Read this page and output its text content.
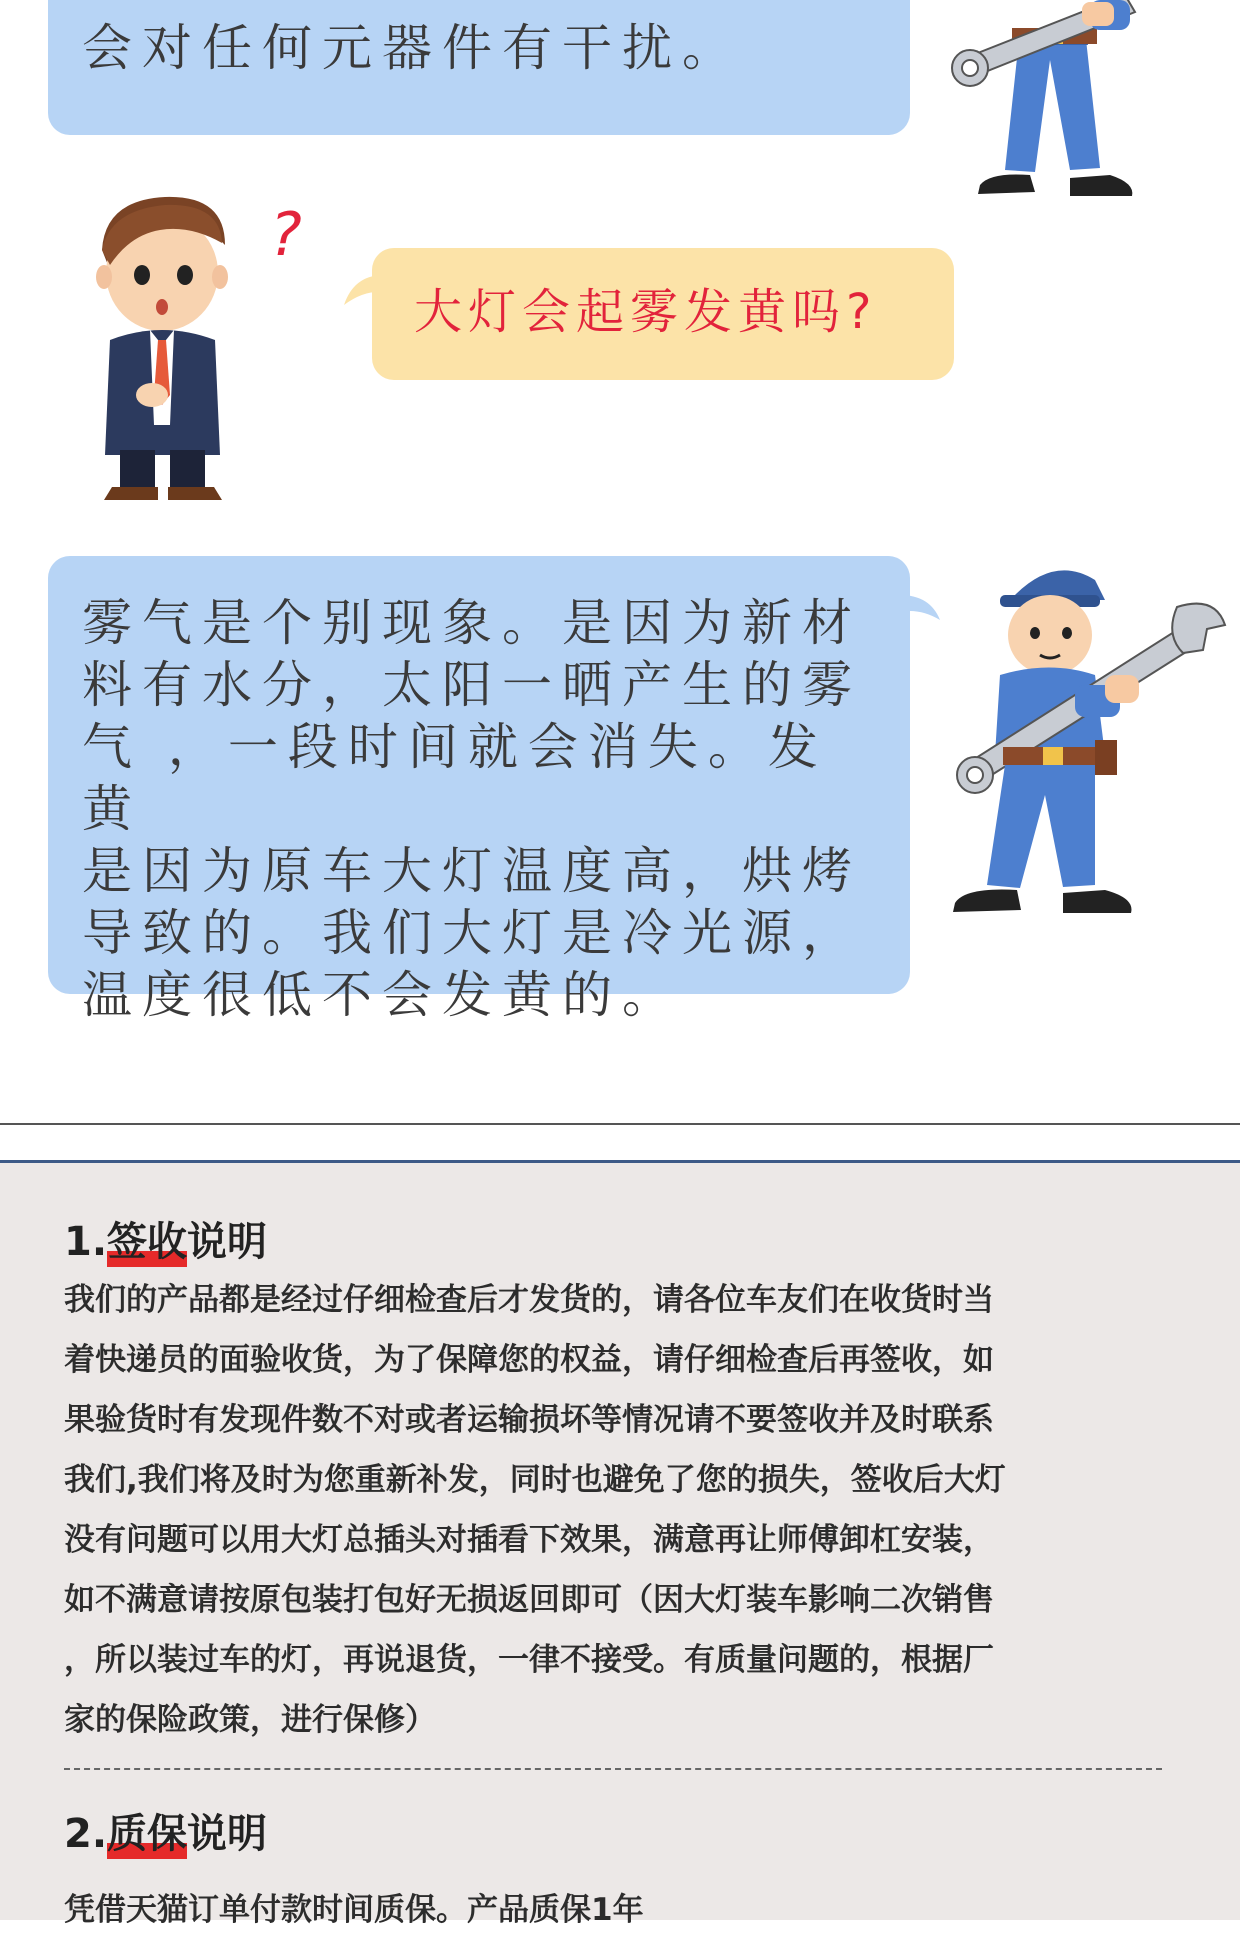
会对任何元器件有干扰。

大灯会起雾发黄吗?

?

雾气是个别现象。是因为新材
料有水分，太阳一晒产生的雾
气 ，一段时间就会消失。发黄
是因为原车大灯温度高，烘烤
导致的。我们大灯是冷光源，
温度很低不会发黄的。

1.签收说明

我们的产品都是经过仔细检查后才发货的，请各位车友们在收货时当
着快递员的面验收货，为了保障您的权益，请仔细检查后再签收，如
果验货时有发现件数不对或者运输损坏等情况请不要签收并及时联系
我们,我们将及时为您重新补发，同时也避免了您的损失，签收后大灯
没有问题可以用大灯总插头对插看下效果，满意再让师傅卸杠安装，
如不满意请按原包装打包好无损返回即可（因大灯装车影响二次销售
，所以装过车的灯，再说退货，一律不接受。有质量问题的，根据厂
家的保险政策，进行保修）

2.质保说明

凭借天猫订单付款时间质保。产品质保1年
